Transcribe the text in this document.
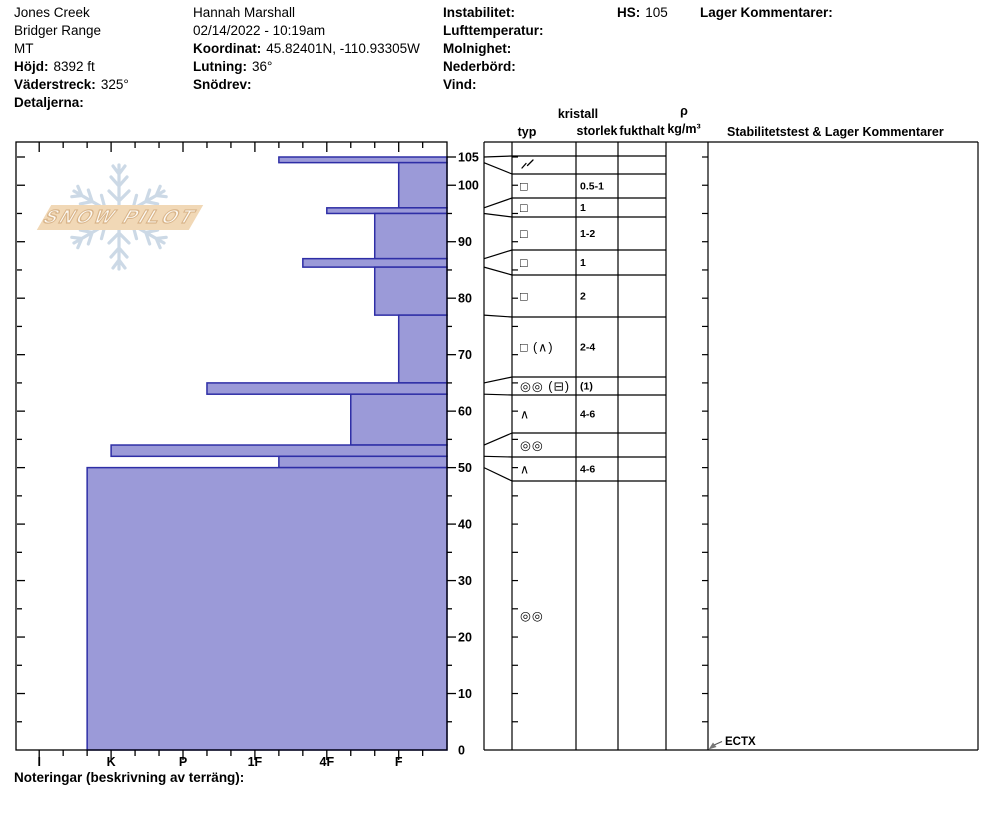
Jones Creek
Bridger Range
MT
Höjd: 8392 ft
Väderstreck: 325°
Detaljerna:
Hannah Marshall
02/14/2022 - 10:19am
Koordinat: 45.82401N, -110.93305W
Lutning: 36°
Snödrev:
Instabilitet:
Lufttemperatur:
Molnighet:
Nederbörd:
Vind:
HS: 105 Lager Kommentarer:
0
10
20
30
40
50
60
70
80
90
100
105
I	K	P	1F	4F	F
typ
kristall
storlek fukthalt
ρ
kg/m³ Stabilitetstest & Lager Kommentarer
□	0.5-1
□	1
□	1-2
□	1
□	2
□ (∧)	2-4
◎◎ (⊟) (1)
∧	4-6
◎◎
∧	4-6
◎◎
ECTX
SNOW PILOT
Noteringar (beskrivning av terräng):
